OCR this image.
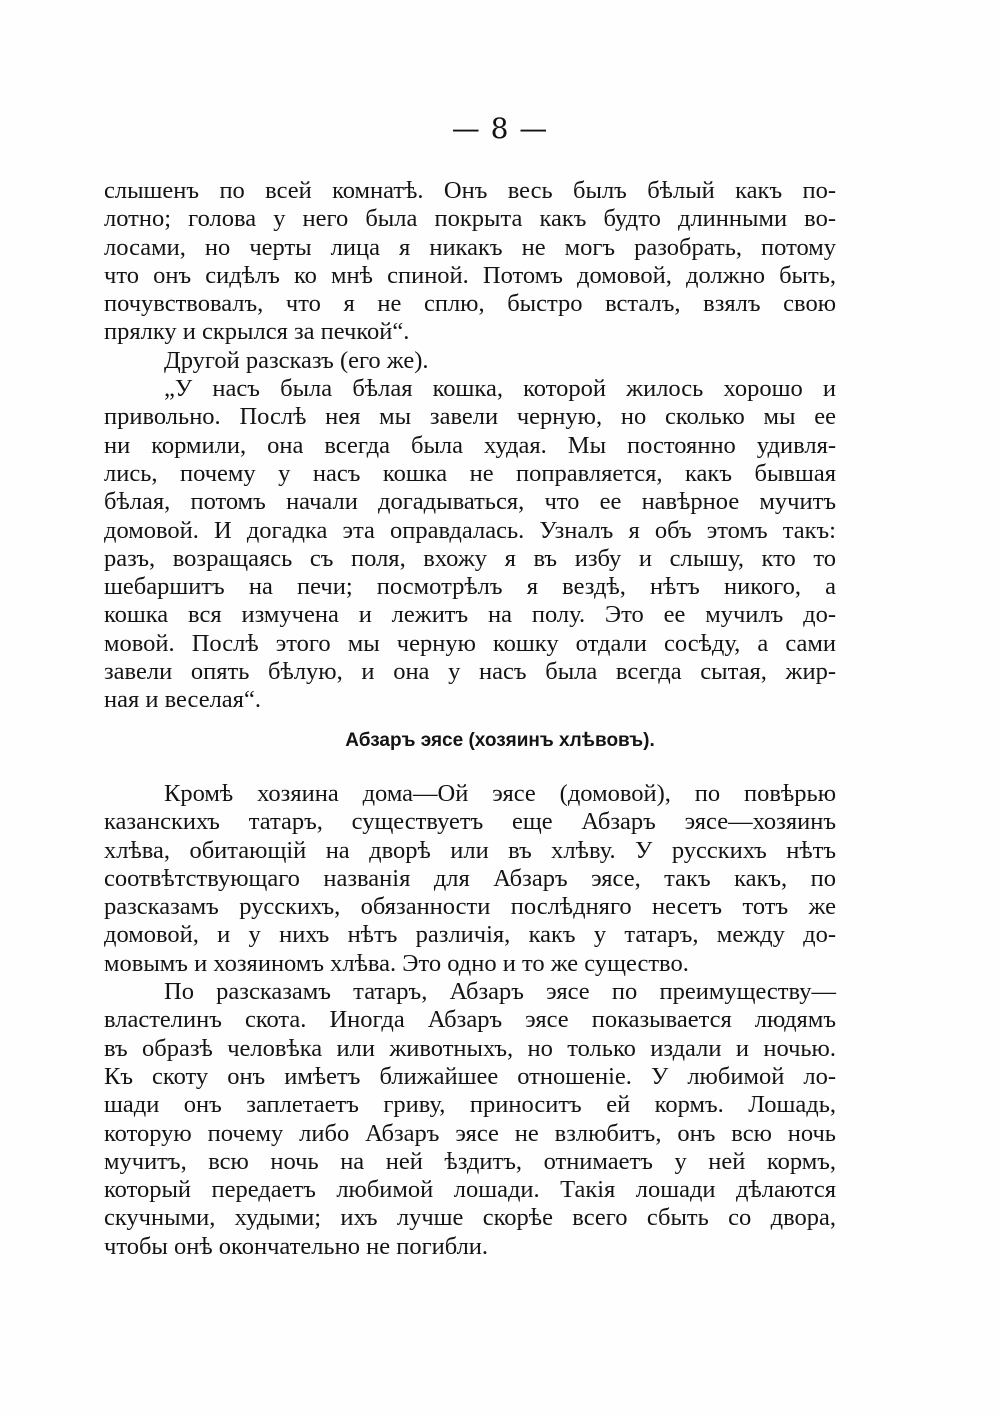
— 8 —
слышенъ по всей комнатѣ. Онъ весь былъ бѣлый какъ по-
лотно; голова у него была покрыта какъ будто длинными во-
лосами, но черты лица я никакъ не могъ разобрать, потому
что онъ сидѣлъ ко мнѣ спиной. Потомъ домовой, должно быть,
почувствовалъ, что я не сплю, быстро всталъ, взялъ свою
прялку и скрылся за печкой“.
Другой разсказъ (его же).
„У насъ была бѣлая кошка, которой жилось хорошо и
привольно. Послѣ нея мы завели черную, но сколько мы ее
ни кормили, она всегда была худая. Мы постоянно удивля-
лись, почему у насъ кошка не поправляется, какъ бывшая
бѣлая, потомъ начали догадываться, что ее навѣрное мучитъ
домовой. И догадка эта оправдалась. Узналъ я объ этомъ такъ:
разъ, возращаясь съ поля, вхожу я въ избу и слышу, кто то
шебаршитъ на печи; посмотрѣлъ я вездѣ, нѣтъ никого, а
кошка вся измучена и лежитъ на полу. Это ее мучилъ до-
мовой. Послѣ этого мы черную кошку отдали сосѣду, а сами
завели опять бѣлую, и она у насъ была всегда сытая, жир-
ная и веселая“.
Абзаръ эясе (хозяинъ хлѣвовъ).
Кромѣ хозяина дома—Ой эясе (домовой), по повѣрью
казанскихъ татаръ, существуетъ еще Абзаръ эясе—хозяинъ
хлѣва, обитающій на дворѣ или въ хлѣву. У русскихъ нѣтъ
соотвѣтствующаго названія для Абзаръ эясе, такъ какъ, по
разсказамъ русскихъ, обязанности послѣдняго несетъ тотъ же
домовой, и у нихъ нѣтъ различія, какъ у татаръ, между до-
мовымъ и хозяиномъ хлѣва. Это одно и то же существо.
По разсказамъ татаръ, Абзаръ эясе по преимуществу—
властелинъ скота. Иногда Абзаръ эясе показывается людямъ
въ образѣ человѣка или животныхъ, но только издали и ночью.
Къ скоту онъ имѣетъ ближайшее отношеніе. У любимой ло-
шади онъ заплетаетъ гриву, приноситъ ей кормъ. Лошадь,
которую почему либо Абзаръ эясе не взлюбитъ, онъ всю ночь
мучитъ, всю ночь на ней ѣздитъ, отнимаетъ у ней кормъ,
который передаетъ любимой лошади. Такія лошади дѣлаются
скучными, худыми; ихъ лучше скорѣе всего сбыть со двора,
чтобы онѣ окончательно не погибли.
